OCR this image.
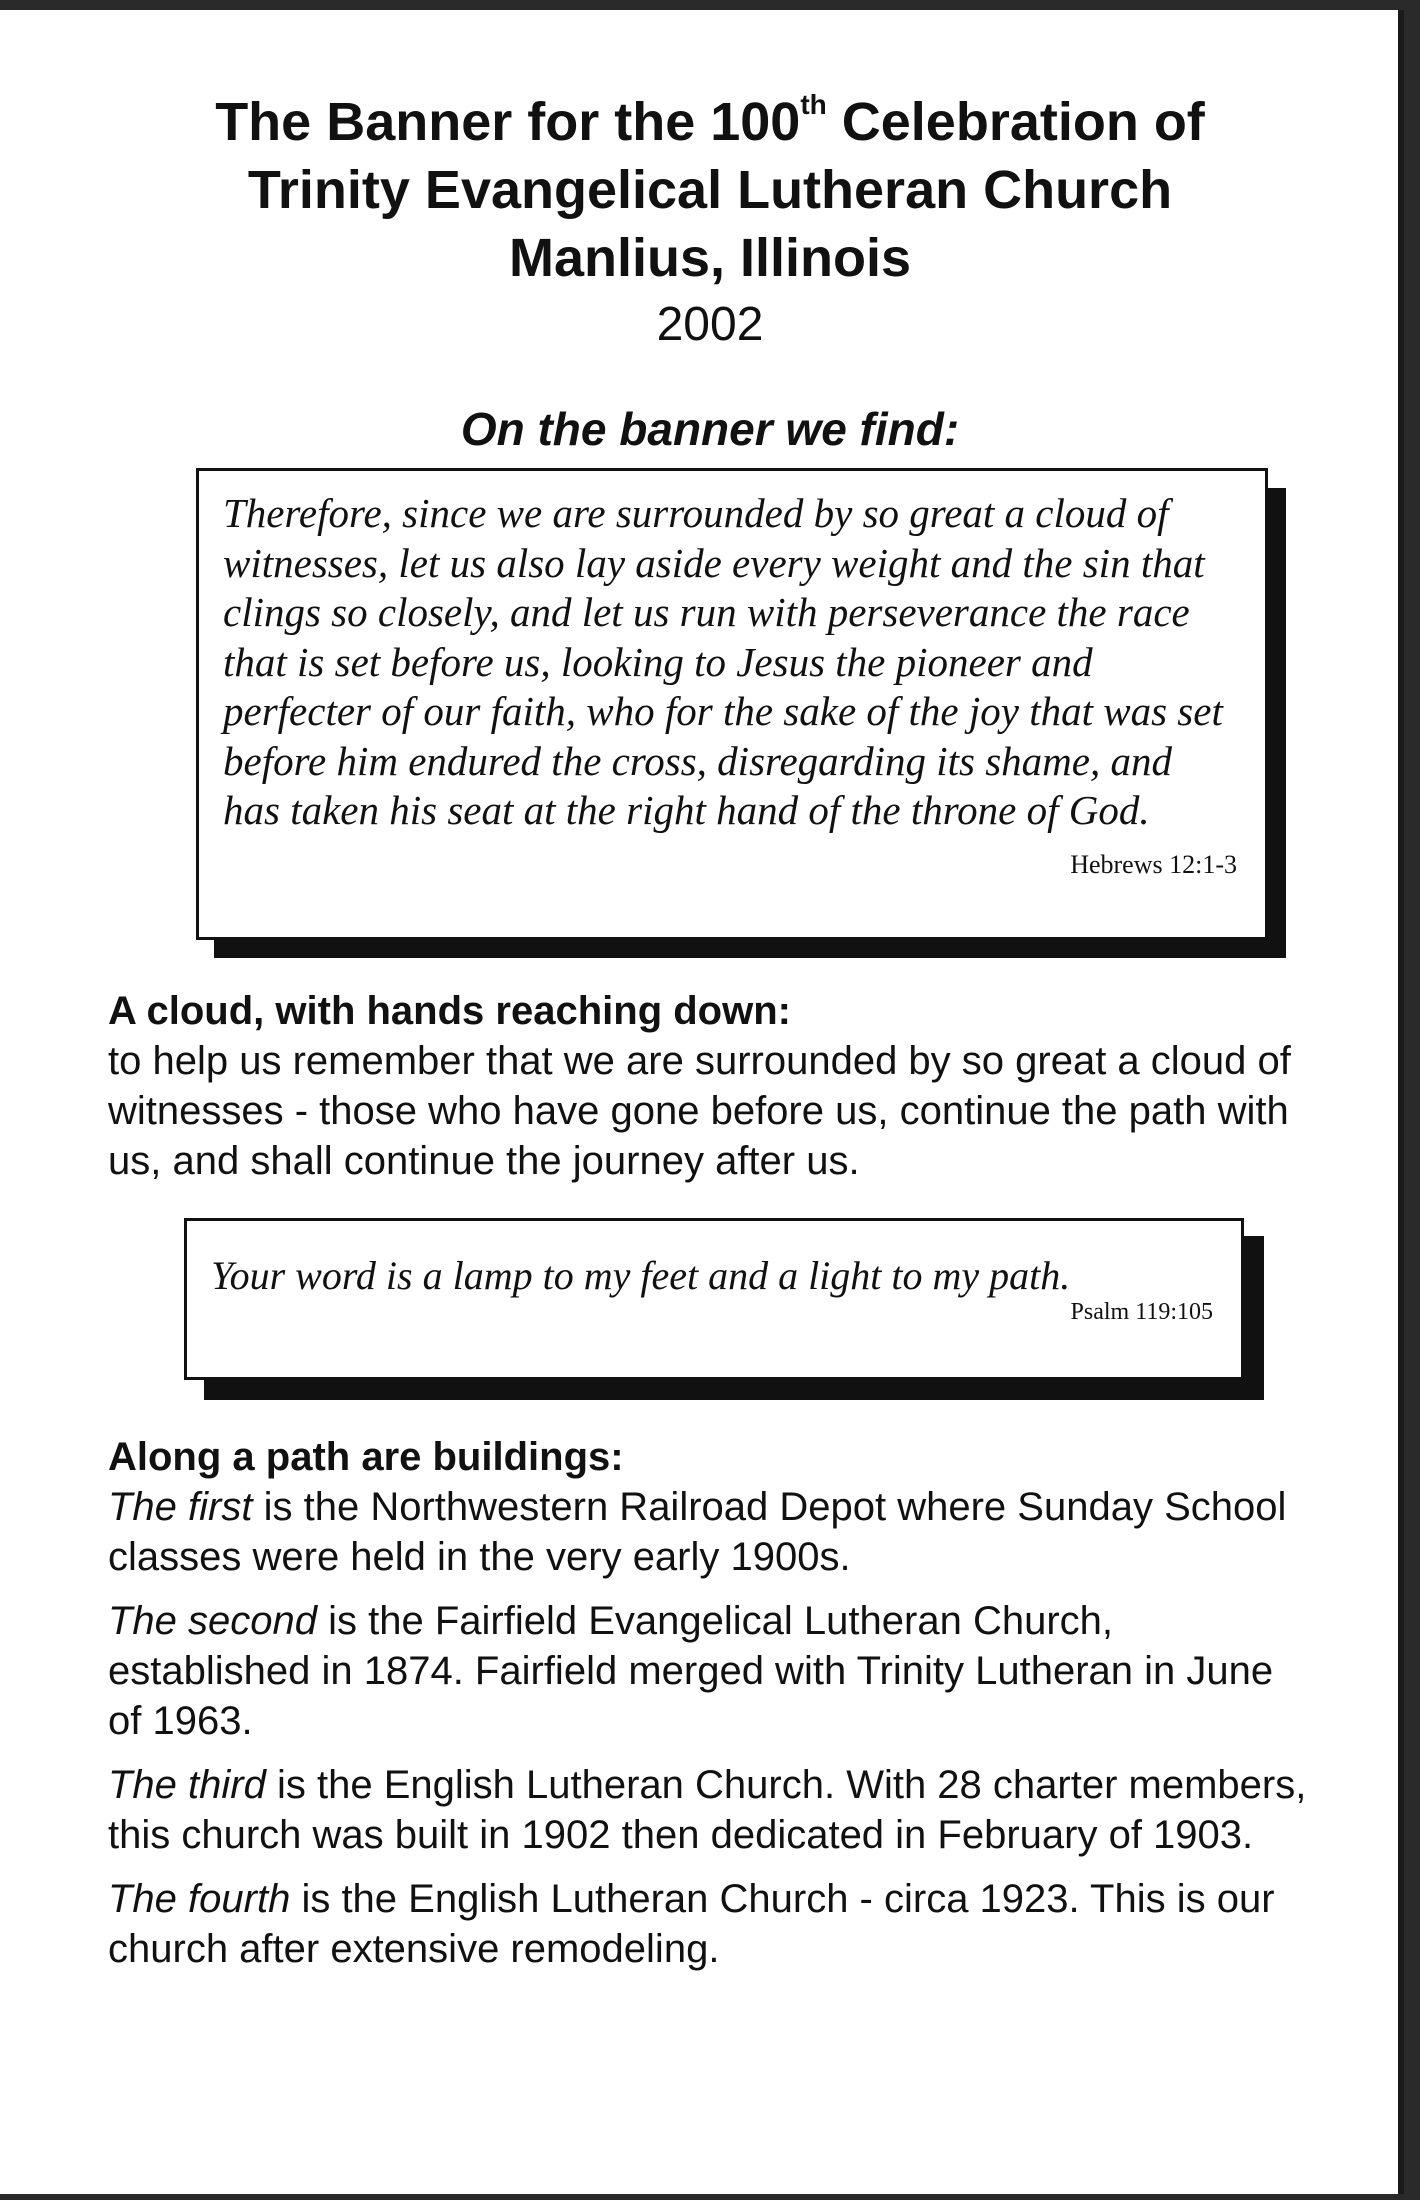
The Banner for the 100th Celebration of

Trinity Evangelical Lutheran Church

Manlius, Illinois

2002

On the banner we find:
Therefore, since we are surrounded by so great a cloud of witnesses, let us also lay aside every weight and the sin that clings so closely, and let us run with perseverance the race that is set before us, looking to Jesus the pioneer and perfecter of our faith, who for the sake of the joy that was set before him endured the cross, disregarding its shame, and has taken his seat at the right hand of the throne of God.
Hebrews 12:1-3
A cloud, with hands reaching down:

to help us remember that we are surrounded by so great a cloud of witnesses - those who have gone before us, continue the path with us, and shall continue the journey after us.

Your word is a lamp to my feet and a light to my path.
Psalm 119:105
Along a path are buildings:

The first is the Northwestern Railroad Depot where Sunday School classes were held in the very early 1900s.

The second is the Fairfield Evangelical Lutheran Church, established in 1874. Fairfield merged with Trinity Lutheran in June of 1963.

The third is the English Lutheran Church. With 28 charter members, this church was built in 1902 then dedicated in February of 1903.

The fourth is the English Lutheran Church - circa 1923. This is our church after extensive remodeling.
